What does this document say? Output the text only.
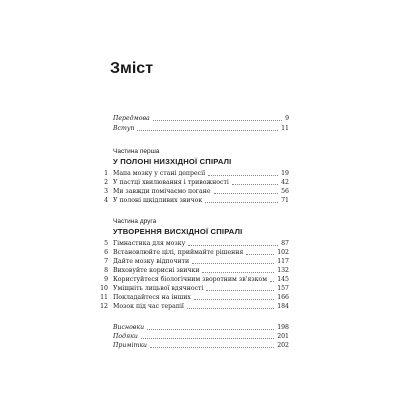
Зміст
Передмова	9
Вступ	11

Частина перша

У ПОЛОНІ НИЗХІДНОЇ СПІРАЛІ

1 Мапа мозку у стані депресії	19
2 У пастці хвилювання і тривожності	42
3 Ми завжди помічаємо погане	56
4 У полоні шкідливих звичок	71

Частина друга

УТВОРЕННЯ ВИСХІДНОЇ СПІРАЛІ

5 Гімнастика для мозку	87
6 Встановлюйте цілі, приймайте рішення	102
7 Дайте мозку відпочити	117
8 Виховуйте корисні звички	132
9 Користуйтеся біологічним зворотним зв'язком 145
10 Уміщніть лицьвої вдячності	157
11 Покладайтеся на інших	166
12 Мозок під час терапії	184
Висновки	198
Подяки	201
Примітки	202
